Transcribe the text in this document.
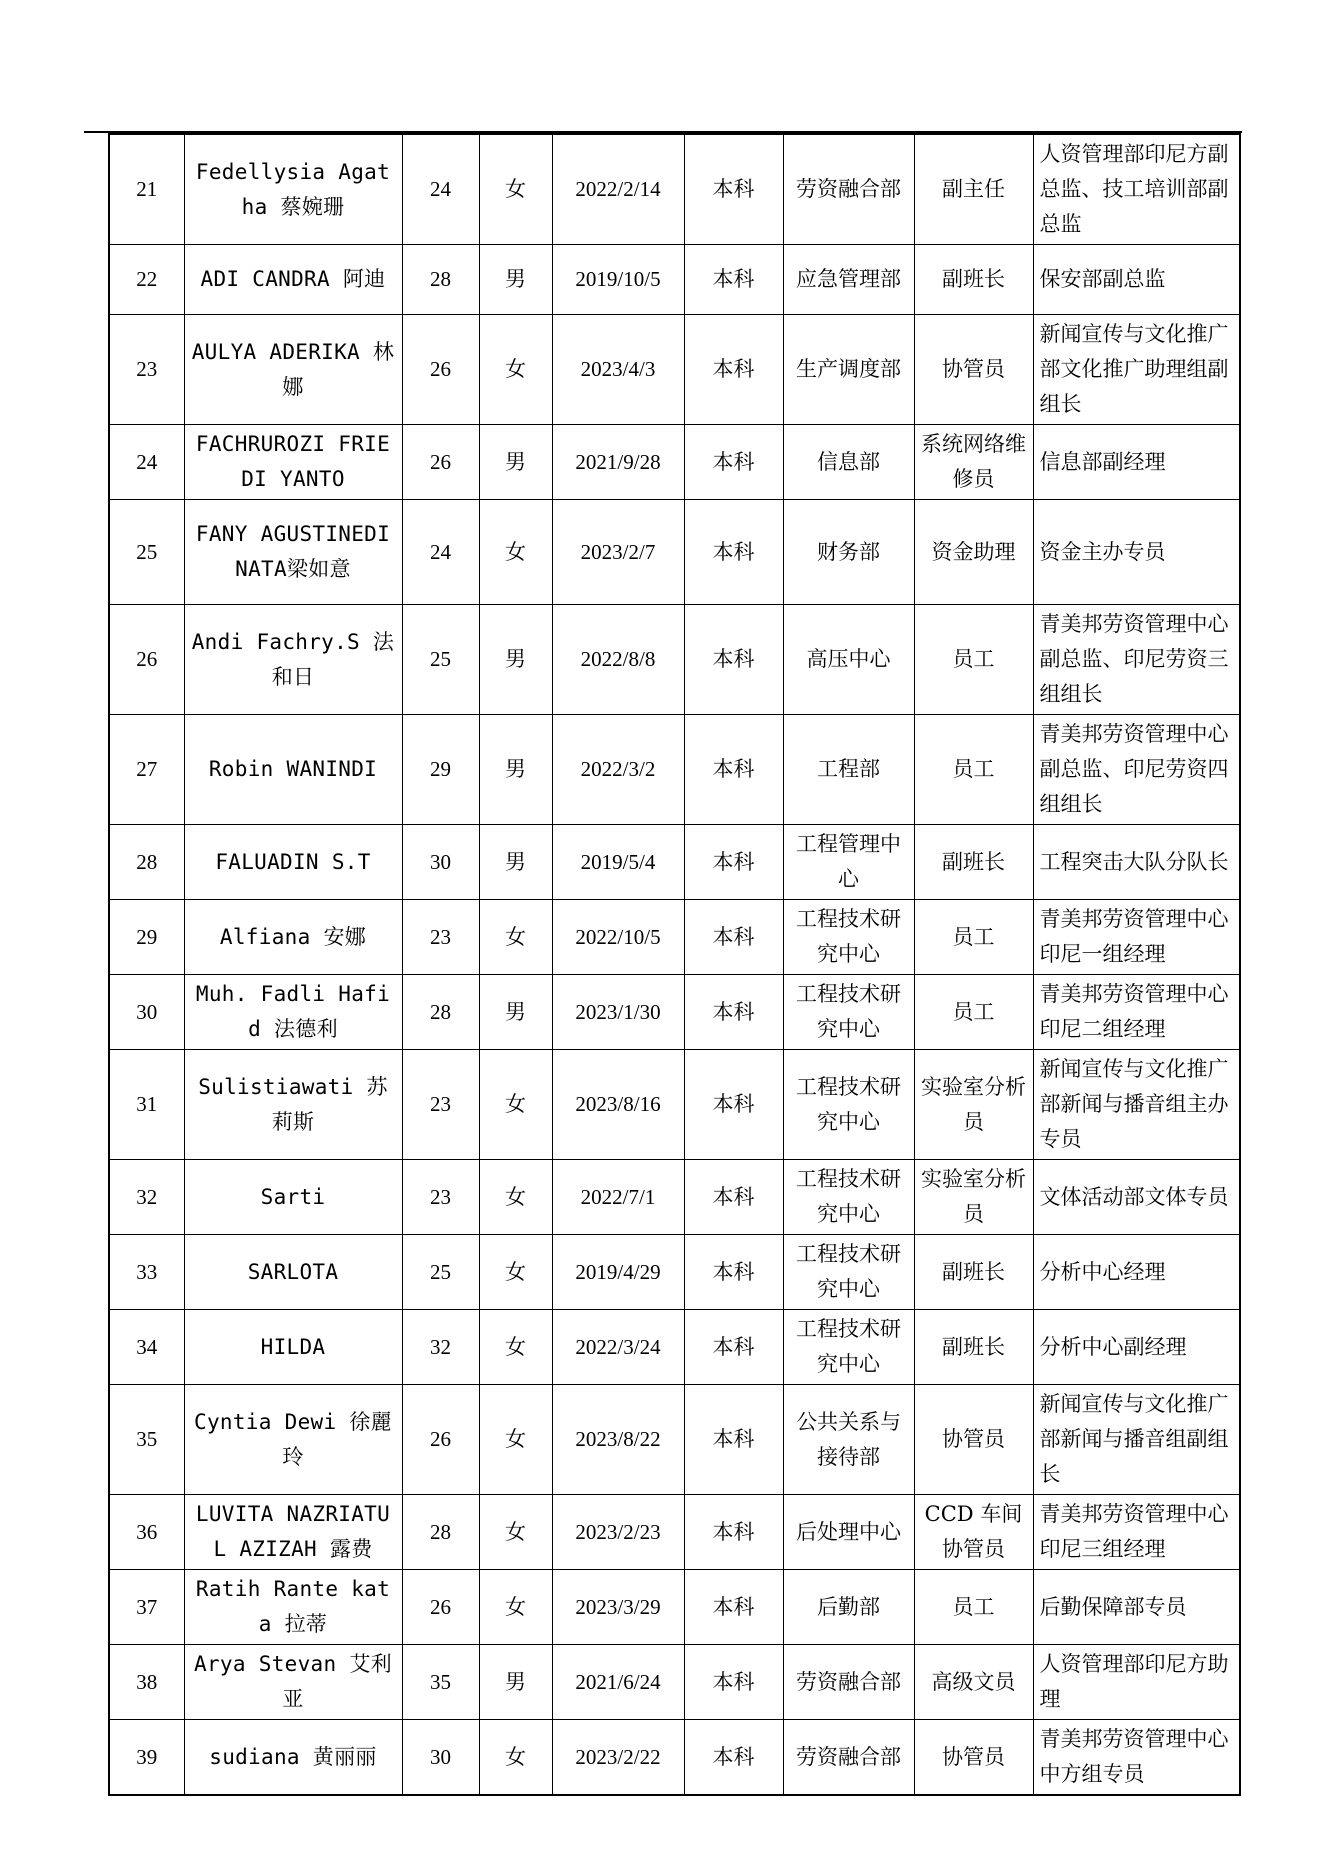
21	Fedellysia Agatha 蔡婉珊	24	女	2022/2/14	本科	劳资融合部	副主任	人资管理部印尼方副总监、技工培训部副总监
22	ADI CANDRA 阿迪	28	男	2019/10/5	本科	应急管理部	副班长	保安部副总监
23	AULYA ADERIKA 林娜	26	女	2023/4/3	本科	生产调度部	协管员	新闻宣传与文化推广部文化推广助理组副组长
24	FACHRUROZI FRIEDI YANTO	26	男	2021/9/28	本科	信息部	系统网络维修员	信息部副经理
25	FANY AGUSTINEDINATA梁如意	24	女	2023/2/7	本科	财务部	资金助理	资金主办专员
26	Andi Fachry.S 法和日	25	男	2022/8/8	本科	高压中心	员工	青美邦劳资管理中心副总监、印尼劳资三组组长
27	Robin WANINDI	29	男	2022/3/2	本科	工程部	员工	青美邦劳资管理中心副总监、印尼劳资四组组长
28	FALUADIN S.T	30	男	2019/5/4	本科	工程管理中心	副班长	工程突击大队分队长
29	Alfiana 安娜	23	女	2022/10/5	本科	工程技术研究中心	员工	青美邦劳资管理中心印尼一组经理
30	Muh. Fadli Hafid 法德利	28	男	2023/1/30	本科	工程技术研究中心	员工	青美邦劳资管理中心印尼二组经理
31	Sulistiawati 苏莉斯	23	女	2023/8/16	本科	工程技术研究中心	实验室分析员	新闻宣传与文化推广部新闻与播音组主办专员
32	Sarti	23	女	2022/7/1	本科	工程技术研究中心	实验室分析员	文体活动部文体专员
33	SARLOTA	25	女	2019/4/29	本科	工程技术研究中心	副班长	分析中心经理
34	HILDA	32	女	2022/3/24	本科	工程技术研究中心	副班长	分析中心副经理
35	Cyntia Dewi 徐麗玲	26	女	2023/8/22	本科	公共关系与接待部	协管员	新闻宣传与文化推广部新闻与播音组副组长
36	LUVITA NAZRIATUL AZIZAH 露费	28	女	2023/2/23	本科	后处理中心	CCD 车间协管员	青美邦劳资管理中心印尼三组经理
37	Ratih Rante kata 拉蒂	26	女	2023/3/29	本科	后勤部	员工	后勤保障部专员
38	Arya Stevan 艾利亚	35	男	2021/6/24	本科	劳资融合部	高级文员	人资管理部印尼方助理
39	sudiana 黄丽丽	30	女	2023/2/22	本科	劳资融合部	协管员	青美邦劳资管理中心中方组专员
